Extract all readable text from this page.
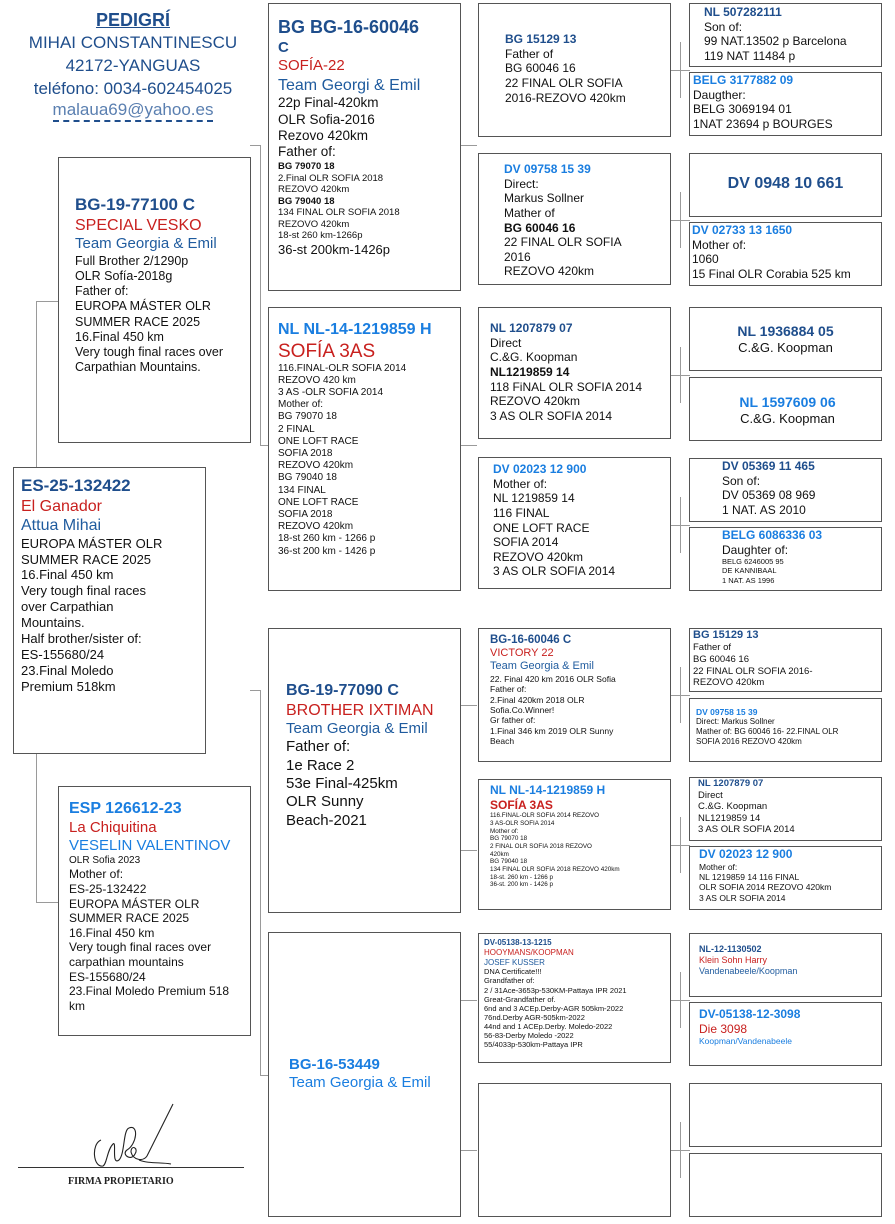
PEDIGRÍ
MIHAI CONSTANTINESCU
42172-YANGUAS
teléfono: 0034-602454025
malaua69@yahoo.es
ES-25-132422
El Ganador
Attua Mihai
EUROPA MÁSTER OLR
SUMMER RACE 2025
16.Final 450 km
Very tough final races
over Carpathian
Mountains.
Half brother/sister of:
ES-155680/24
23.Final Moledo
Premium 518km
BG-19-77100 C
SPECIAL VESKO
Team Georgia & Emil
Full Brother 2/1290p
OLR Sofía-2018g
Father of:
EUROPA MÁSTER OLR
SUMMER RACE 2025
16.Final 450 km
Very tough final races over
Carpathian Mountains.
ESP 126612-23
La Chiquitina
VESELIN VALENTINOV
OLR Sofia 2023
Mother of:
ES-25-132422
EUROPA MÁSTER OLR
SUMMER RACE 2025
16.Final 450 km
Very tough final races over
carpathian mountains
ES-155680/24
23.Final Moledo Premium 518
km
BG BG-16-60046
C
SOFÍA-22
Team Georgi & Emil
22p Final-420km
OLR Sofia-2016
Rezovo 420km
Father of:
BG 79070 18
2.Final OLR SOFIA 2018
REZOVO 420km
BG 79040 18
134 FINAL OLR SOFIA 2018
REZOVO 420km
18-st 260 km-1266p
36-st 200km-1426p
NL NL-14-1219859 H
SOFÍA 3AS
116.FINAL-OLR SOFIA 2014
REZOVO 420 km
3 AS -OLR SOFIA 2014
Mother of:
BG 79070 18
2 FINAL
ONE LOFT RACE
SOFIA 2018
REZOVO 420km
BG 79040 18
134 FINAL
ONE LOFT RACE
SOFIA 2018
REZOVO 420km
18-st 260 km - 1266 p
36-st 200 km - 1426 p
BG-19-77090 C
BROTHER IXTIMAN
Team Georgia & Emil
Father of:
1e Race 2
53e Final-425km
OLR Sunny
Beach-2021
BG-16-53449
Team Georgia & Emil
BG 15129 13
Father of
BG 60046 16
22 FINAL OLR SOFIA
2016-REZOVO 420km
DV 09758 15 39
Direct:
Markus Sollner
Mather of
BG 60046 16
22 FINAL OLR SOFIA
2016
REZOVO 420km
NL 1207879 07
Direct
C.&G. Koopman
NL1219859 14
118 FiNAL OLR SOFIA 2014
REZOVO 420km
3 AS OLR SOFIA 2014
DV 02023 12 900
Mother of:
NL 1219859 14
116 FINAL
ONE LOFT RACE
SOFIA 2014
REZOVO 420km
3 AS OLR SOFIA 2014
BG-16-60046 C
VICTORY 22
Team Georgia & Emil
22. Final 420 km 2016 OLR Sofia
Father of:
2.Final 420km 2018 OLR
Sofia.Co.Winner!
Gr father of:
1.Final 346 km 2019 OLR Sunny
Beach
NL NL-14-1219859 H
SOFÍA 3AS
116.FINAL-OLR SOFIA 2014 REZOVO
3 AS-OLR SOFIA 2014
Mother of:
BG 79070 18
2 FINAL OLR SOFIA 2018 REZOVO
420km
BG 79040 18
134 FINAL OLR SOFIA 2018 REZOVO 420km
18-st. 260 km - 1266 p
36-st. 200 km - 1426 p
DV-05138-13-1215
HOOYMANS/KOOPMAN
JOSEF KUSSER
DNA Certificate!!!
Grandfather of:
2 / 31Ace-3653p-530KM-Pattaya IPR 2021
Great-Grandfather of.
6nd and 3 ACEp.Derby-AGR 505km-2022
76nd.Derby AGR-505km-2022
44nd and 1 ACEp.Derby. Moledo-2022
56-83-Derby Moledo -2022
55/4033p-530km-Pattaya IPR
NL 507282111
Son of:
99 NAT.13502 p Barcelona
119 NAT 11484 p
BELG 3177882 09
Daugther:
BELG 3069194 01
1NAT 23694 p BOURGES
DV 0948 10 661
DV 02733 13 1650
Mother of:
1060
15 Final OLR Corabia 525 km
NL 1936884 05
C.&G. Koopman
NL 1597609 06
C.&G. Koopman
DV 05369 11 465
Son of:
DV 05369 08 969
1 NAT. AS 2010
BELG 6086336 03
Daughter of:
BELG 6246005 95
DE KANNIBAAL
1 NAT. AS 1996
BG 15129 13
Father of
BG 60046 16
22 FINAL OLR SOFIA 2016-
REZOVO 420km
DV 09758 15 39
Direct: Markus Sollner
Mather of: BG 60046 16- 22.FINAL OLR
SOFIA 2016 REZOVO 420km
NL 1207879 07
Direct
C.&G. Koopman
NL1219859 14
3 AS OLR SOFIA 2014
DV 02023 12 900
Mother of:
NL 1219859 14 116 FINAL
OLR SOFIA 2014 REZOVO 420km
3 AS OLR SOFIA 2014
NL-12-1130502
Klein Sohn Harry
Vandenabeele/Koopman
DV-05138-12-3098
Die 3098
Koopman/Vandenabeele
FIRMA PROPIETARIO
